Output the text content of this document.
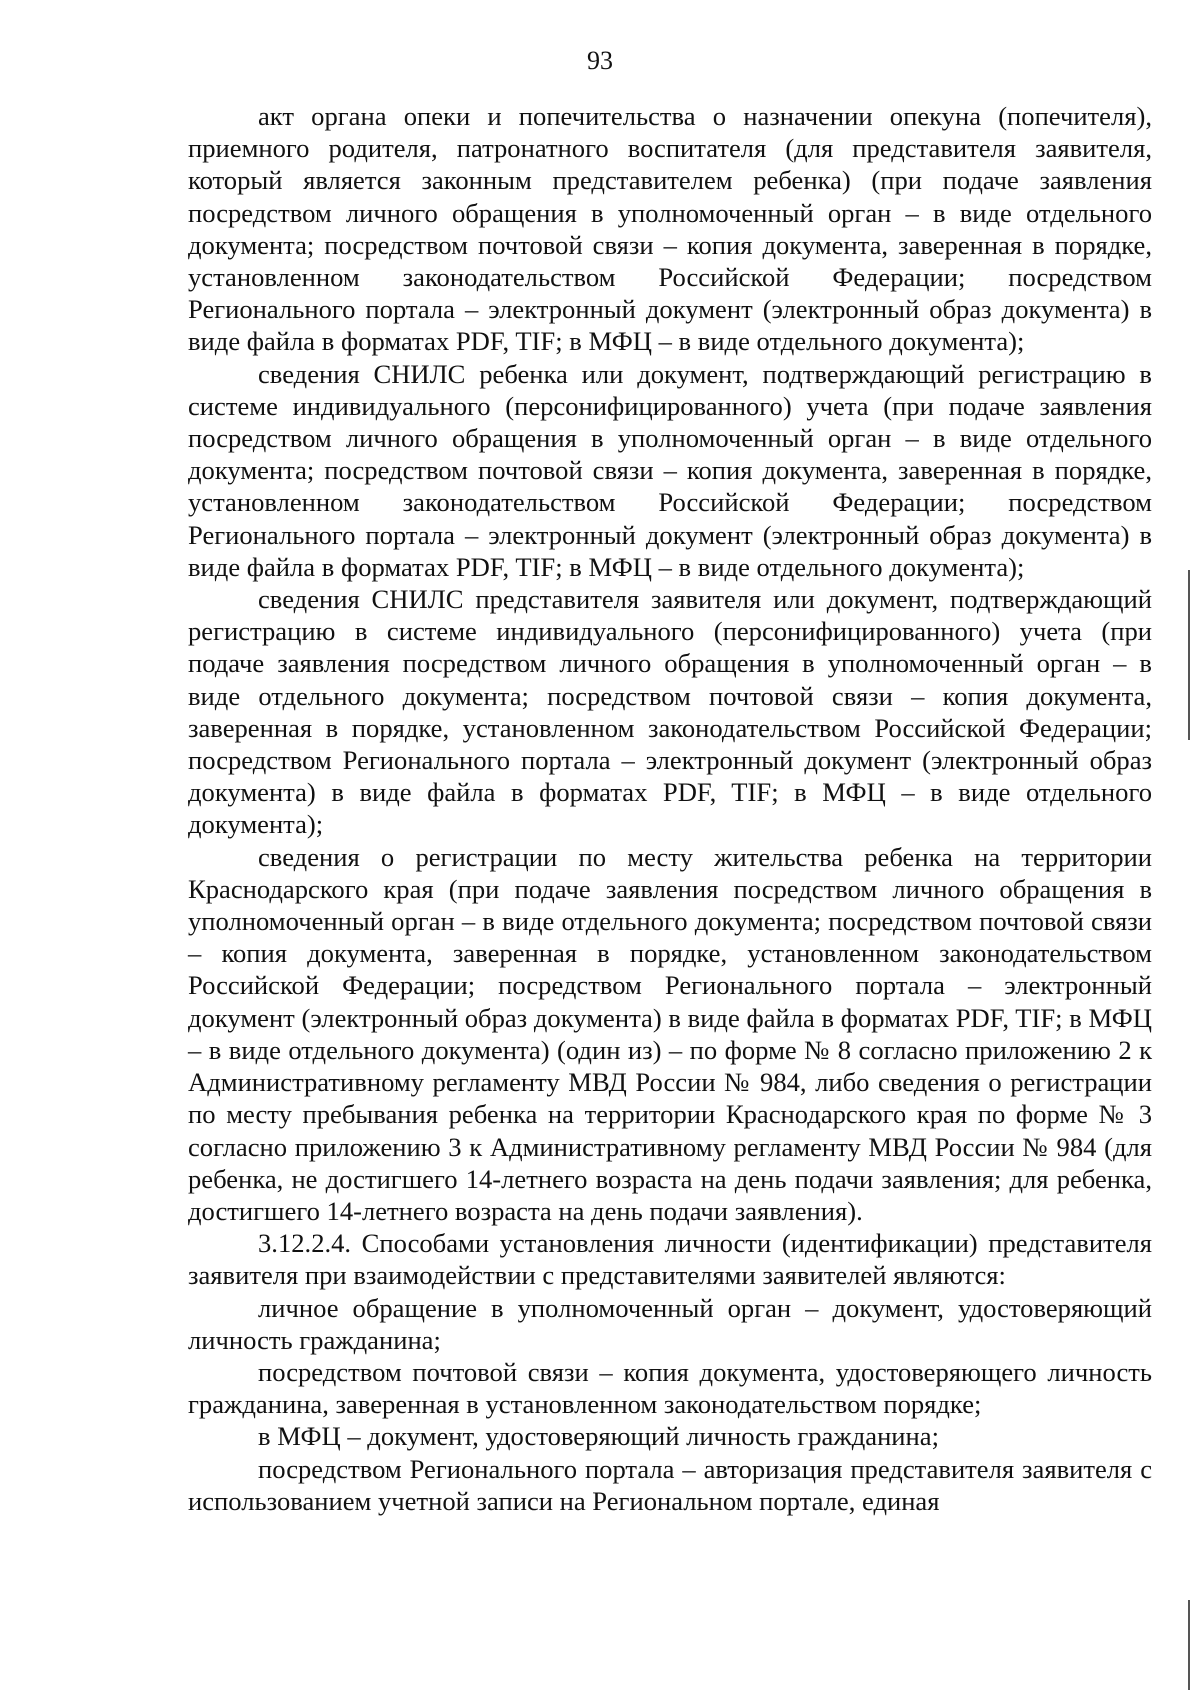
93

акт органа опеки и попечительства о назначении опекуна (попечителя), приемного родителя, патронатного воспитателя (для представителя заявителя, который является законным представителем ребенка) (при подаче заявления посредством личного обращения в уполномоченный орган – в виде отдельного документа; посредством почтовой связи – копия документа, заверенная в порядке, установленном законодательством Российской Федерации; посредством Регионального портала – электронный документ (электронный образ документа) в виде файла в форматах PDF, TIF; в МФЦ – в виде отдельного документа);

сведения СНИЛС ребенка или документ, подтверждающий регистрацию в системе индивидуального (персонифицированного) учета (при подаче заявления посредством личного обращения в уполномоченный орган – в виде отдельного документа; посредством почтовой связи – копия документа, заверенная в порядке, установленном законодательством Российской Федерации; посредством Регионального портала – электронный документ (электронный образ документа) в виде файла в форматах PDF, TIF; в МФЦ – в виде отдельного документа);

сведения СНИЛС представителя заявителя или документ, подтверждающий регистрацию в системе индивидуального (персонифицированного) учета (при подаче заявления посредством личного обращения в уполномоченный орган – в виде отдельного документа; посредством почтовой связи – копия документа, заверенная в порядке, установленном законодательством Российской Федерации; посредством Регионального портала – электронный документ (электронный образ документа) в виде файла в форматах PDF, TIF; в МФЦ – в виде отдельного документа);

сведения о регистрации по месту жительства ребенка на территории Краснодарского края (при подаче заявления посредством личного обращения в уполномоченный орган – в виде отдельного документа; посредством почтовой связи – копия документа, заверенная в порядке, установленном законодательством Российской Федерации; посредством Регионального портала – электронный документ (электронный образ документа) в виде файла в форматах PDF, TIF; в МФЦ – в виде отдельного документа) (один из) – по форме № 8 согласно приложению 2 к Административному регламенту МВД России № 984, либо сведения о регистрации по месту пребывания ребенка на территории Краснодарского края по форме № 3 согласно приложению 3 к Административному регламенту МВД России № 984 (для ребенка, не достигшего 14-летнего возраста на день подачи заявления; для ребенка, достигшего 14-летнего возраста на день подачи заявления).

3.12.2.4. Способами установления личности (идентификации) представителя заявителя при взаимодействии с представителями заявителей являются:

личное обращение в уполномоченный орган – документ, удостоверяющий личность гражданина;

посредством почтовой связи – копия документа, удостоверяющего личность гражданина, заверенная в установленном законодательством порядке;

в МФЦ – документ, удостоверяющий личность гражданина;

посредством Регионального портала – авторизация представителя заявителя с использованием учетной записи на Региональном портале, единая
